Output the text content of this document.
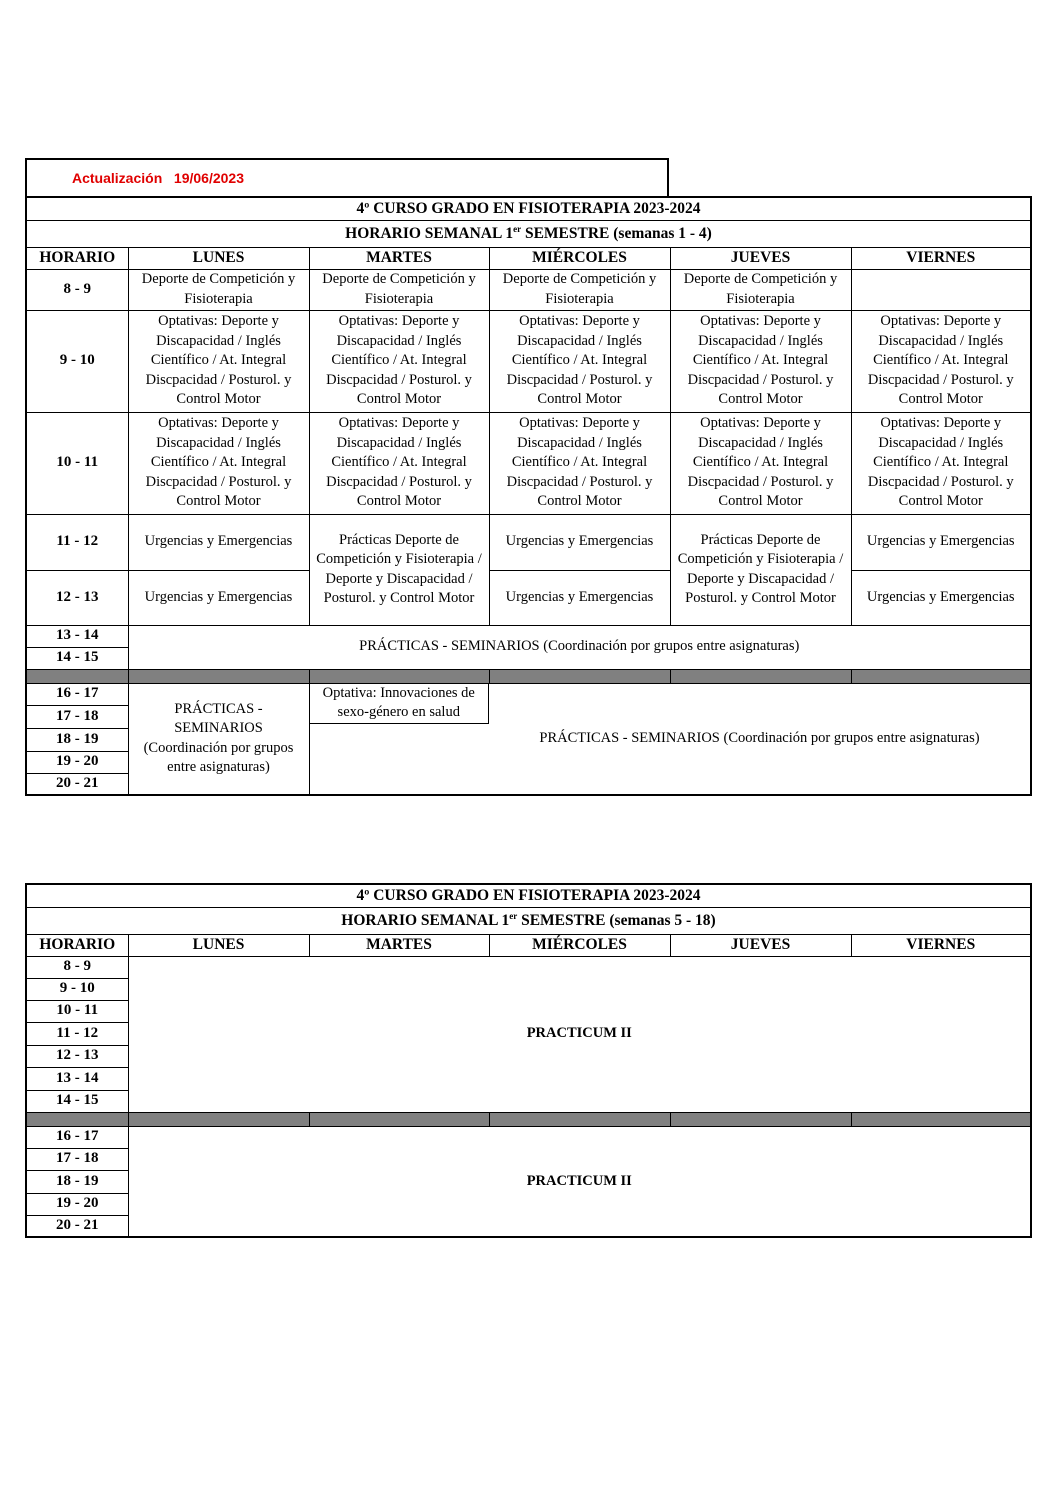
Actualización 19/06/2023
4º CURSO GRADO EN FISIOTERAPIA 2023-2024					
HORARIO SEMANAL 1er SEMESTRE (semanas 1 - 4)					
HORARIO	LUNES	MARTES	MIÉRCOLES	JUEVES	VIERNES
8 - 9	Deporte de Competición y Fisioterapia	Deporte de Competición y Fisioterapia	Deporte de Competición y Fisioterapia	Deporte de Competición y Fisioterapia	
9 - 10	Optativas: Deporte y Discapacidad / Inglés Científico / At. Integral Discpacidad / Posturol. y Control Motor	Optativas: Deporte y Discapacidad / Inglés Científico / At. Integral Discpacidad / Posturol. y Control Motor	Optativas: Deporte y Discapacidad / Inglés Científico / At. Integral Discpacidad / Posturol. y Control Motor	Optativas: Deporte y Discapacidad / Inglés Científico / At. Integral Discpacidad / Posturol. y Control Motor	Optativas: Deporte y Discapacidad / Inglés Científico / At. Integral Discpacidad / Posturol. y Control Motor
10 - 11	Optativas: Deporte y Discapacidad / Inglés Científico / At. Integral Discpacidad / Posturol. y Control Motor	Optativas: Deporte y Discapacidad / Inglés Científico / At. Integral Discpacidad / Posturol. y Control Motor	Optativas: Deporte y Discapacidad / Inglés Científico / At. Integral Discpacidad / Posturol. y Control Motor	Optativas: Deporte y Discapacidad / Inglés Científico / At. Integral Discpacidad / Posturol. y Control Motor	Optativas: Deporte y Discapacidad / Inglés Científico / At. Integral Discpacidad / Posturol. y Control Motor
11 - 12	Urgencias y Emergencias	Prácticas Deporte de Competición y Fisioterapia / Deporte y Discapacidad / Posturol. y Control Motor	Urgencias y Emergencias	Prácticas Deporte de Competición y Fisioterapia / Deporte y Discapacidad / Posturol. y Control Motor	Urgencias y Emergencias
12 - 13	Urgencias y Emergencias		Urgencias y Emergencias		Urgencias y Emergencias
13 - 14	PRÁCTICAS - SEMINARIOS (Coordinación por grupos entre asignaturas)				
14 - 15					

16 - 17	PRÁCTICAS - SEMINARIOS (Coordinación por grupos entre asignaturas)	Optativa: Innovaciones de sexo-género en salud	PRÁCTICAS - SEMINARIOS (Coordinación por grupos entre asignaturas)		
17 - 18					
18 - 19					
19 - 20					
20 - 21					
4º CURSO GRADO EN FISIOTERAPIA 2023-2024					
HORARIO SEMANAL 1er SEMESTRE (semanas 5 - 18)					
HORARIO	LUNES	MARTES	MIÉRCOLES	JUEVES	VIERNES
8 - 9	PRACTICUM II				
9 - 10					
10 - 11					
11 - 12					
12 - 13					
13 - 14					
14 - 15					

16 - 17	PRACTICUM II				
17 - 18					
18 - 19					
19 - 20					
20 - 21					
